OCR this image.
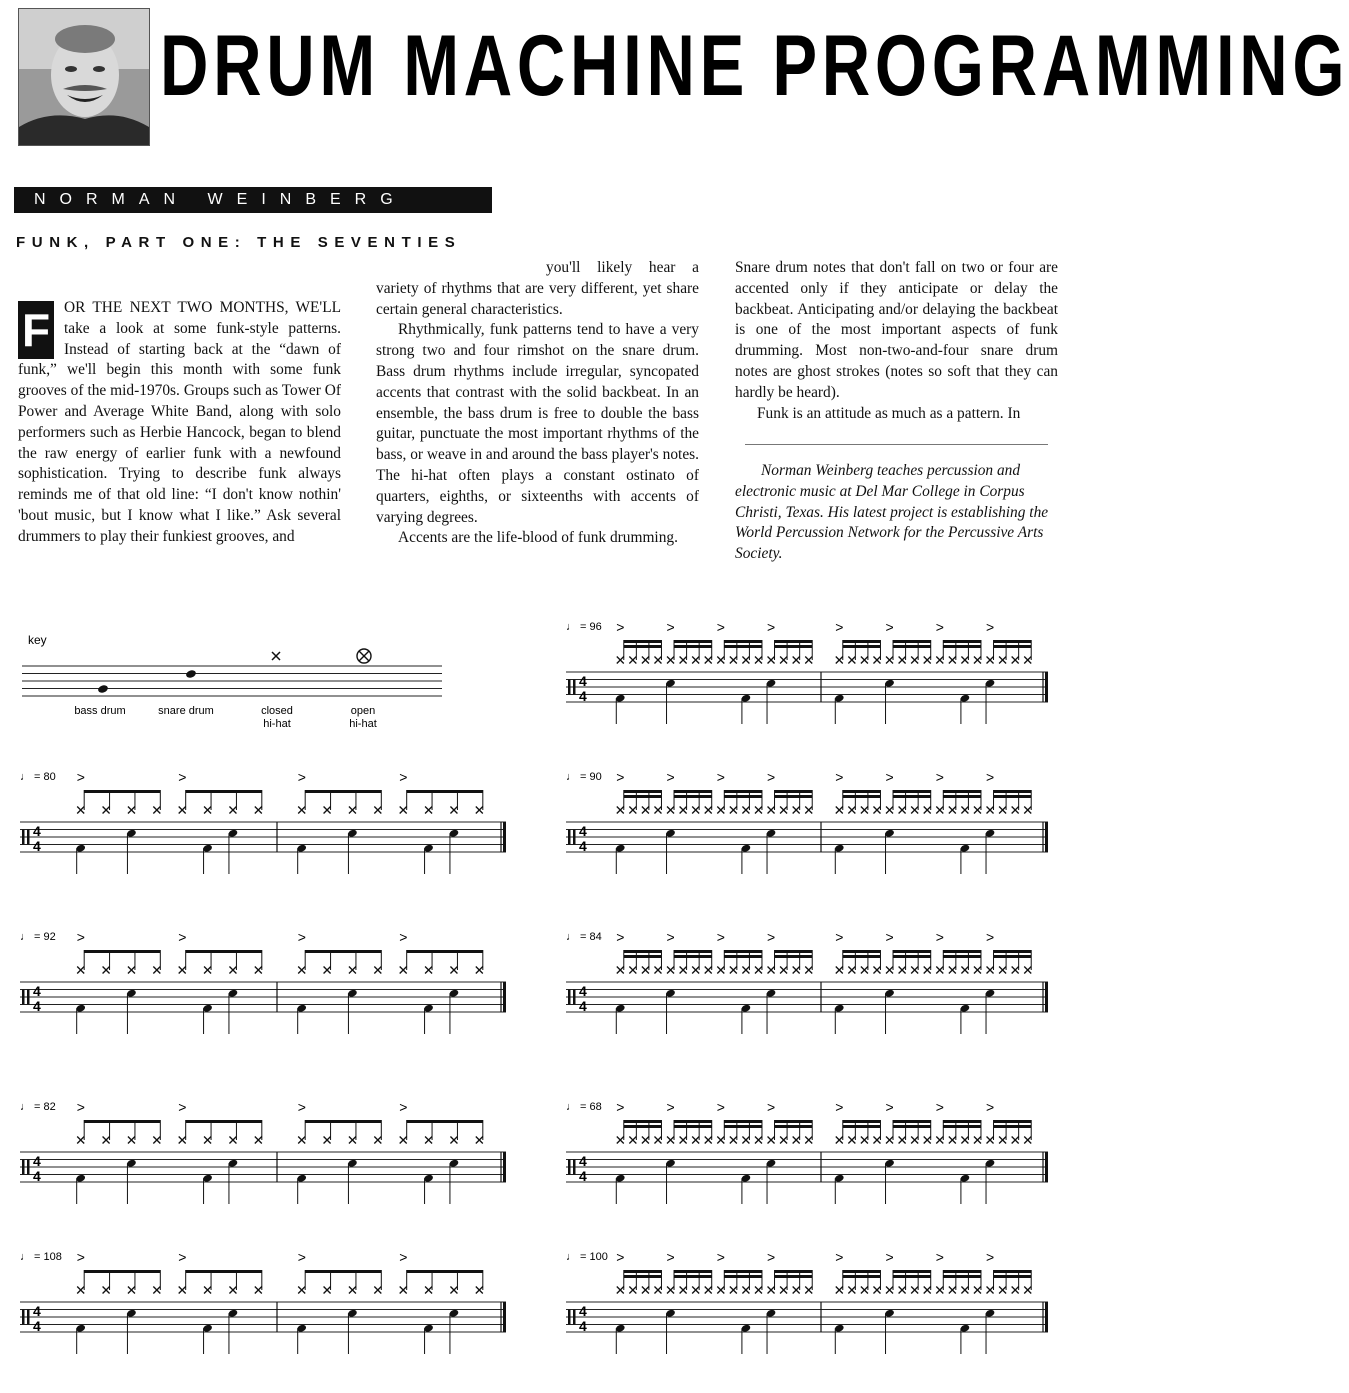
DRUM MACHINE PROGRAMMING
NORMAN WEINBERG
FUNK, PART ONE: THE SEVENTIES

F OR THE NEXT TWO MONTHS, WE'LL take a look at some funk-style patterns. Instead of starting back at the “dawn of funk,” we'll begin this month with some funk grooves of the mid-1970s. Groups such as Tower Of Power and Average White Band, along with solo performers such as Herbie Hancock, began to blend the raw energy of earlier funk with a newfound sophistication. Trying to describe funk always reminds me of that old line: “I don't know nothin' 'bout music, but I know what I like.” Ask several drummers to play their funkiest grooves, and

you'll likely hear a variety of rhythms that are very different, yet share certain general characteristics.

Rhythmically, funk patterns tend to have a very strong two and four rimshot on the snare drum. Bass drum rhythms include irregular, syncopated accents that contrast with the solid backbeat. In an ensemble, the bass drum is free to double the bass guitar, punctuate the most important rhythms of the bass, or weave in and around the bass player's notes. The hi-hat often plays a constant ostinato of quarters, eighths, or sixteenths with accents of varying degrees.

Accents are the life-blood of funk drumming.

Snare drum notes that don't fall on two or four are accented only if they anticipate or delay the backbeat. Anticipating and/or delaying the backbeat is one of the most important aspects of funk drumming. Most non-two-and-four snare drum notes are ghost strokes (notes so soft that they can hardly be heard).

Funk is an attitude as much as a pattern. In

Norman Weinberg teaches percussion and electronic music at Del Mar College in Corpus Christi, Texas. His latest project is establishing the World Percussion Network for the Percussive Arts Society.

key
bass drum	snare drum	closed
hi-hat
open
hi-hat
♩ = 96
4
4
>	>	>	>	>	>	>	>
♩ = 80
4
4
>	>	>	>	♩ = 90
4
4
>	>	>	>	>	>	>	>
♩ = 92
4
4
>	>	>	>	♩ = 84
4
4
>	>	>	>	>	>	>	>
♩ = 82
4
4
>	>	>	>	♩ = 68
4
4
>	>	>	>	>	>	>	>
♩ = 108
4
4
>	>	>	>	♩ = 100
4
4
>	>	>	>	>	>	>	>
